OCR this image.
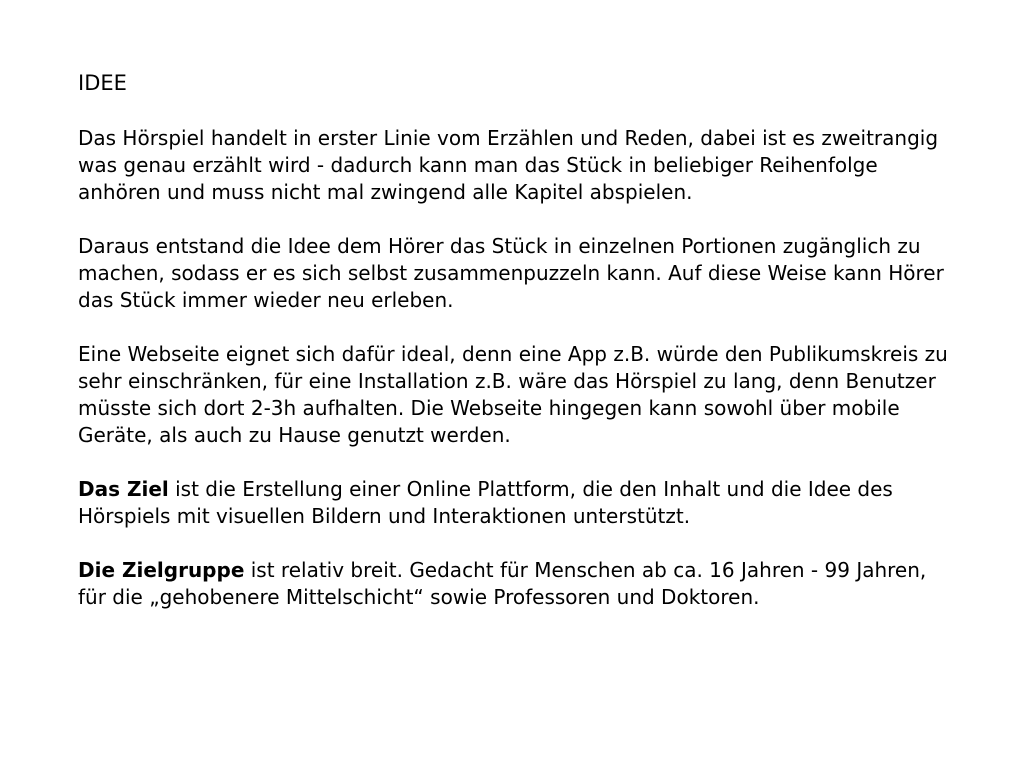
IDEE

Das Hörspiel handelt in erster Linie vom Erzählen und Reden, dabei ist es zweitrangig was genau erzählt wird - dadurch kann man das Stück in beliebiger Reihenfolge anhören und muss nicht mal zwingend alle Kapitel abspielen.

Daraus entstand die Idee dem Hörer das Stück in einzelnen Portionen zugänglich zu machen, sodass er es sich selbst zusammenpuzzeln kann. Auf diese Weise kann Hörer das Stück immer wieder neu erleben.

Eine Webseite eignet sich dafür ideal, denn eine App z.B. würde den Publikumskreis zu sehr einschränken, für eine Installation z.B. wäre das Hörspiel zu lang, denn Benutzer müsste sich dort 2-3h aufhalten. Die Webseite hingegen kann sowohl über mobile Geräte, als auch zu Hause genutzt werden.

Das Ziel ist die Erstellung einer Online Plattform, die den Inhalt und die Idee des Hörspiels mit visuellen Bildern und Interaktionen unterstützt.

Die Zielgruppe ist relativ breit. Gedacht für Menschen ab ca. 16 Jahren - 99 Jahren, für die „gehobenere Mittelschicht“ sowie Professoren und Doktoren.
